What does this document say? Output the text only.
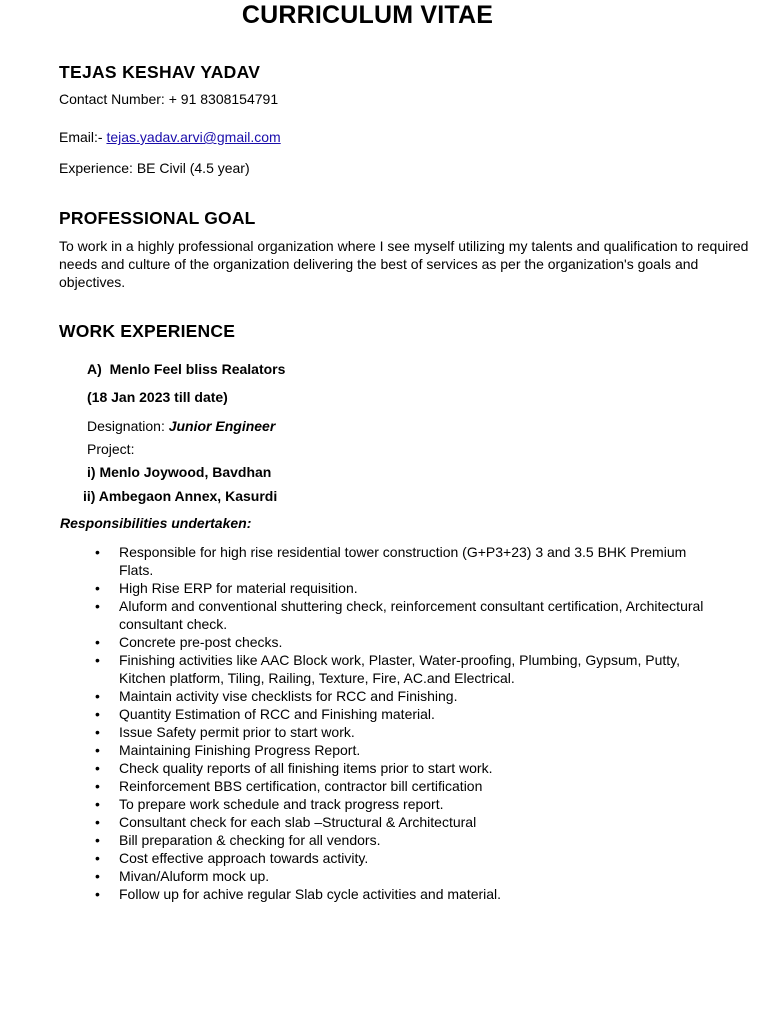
CURRICULUM VITAE
TEJAS KESHAV YADAV
Contact Number: + 91 8308154791
Email:- tejas.yadav.arvi@gmail.com
Experience: BE Civil (4.5 year)
PROFESSIONAL GOAL

To work in a highly professional organization where I see myself utilizing my talents and qualification to required needs and culture of the organization delivering the best of services as per the organization's goals and objectives.

WORK EXPERIENCE
A) Menlo Feel bliss Realators
(18 Jan 2023 till date)
Designation: Junior Engineer
Project:
i) Menlo Joywood, Bavdhan
ii) Ambegaon Annex, Kasurdi
Responsibilities undertaken:
• Responsible for high rise residential tower construction (G+P3+23) 3 and 3.5 BHK Premium Flats.
• High Rise ERP for material requisition.
• Aluform and conventional shuttering check, reinforcement consultant certification, Architectural consultant check.
• Concrete pre-post checks.
• Finishing activities like AAC Block work, Plaster, Water-proofing, Plumbing, Gypsum, Putty, Kitchen platform, Tiling, Railing, Texture, Fire, AC.and Electrical.
• Maintain activity vise checklists for RCC and Finishing.
• Quantity Estimation of RCC and Finishing material.
• Issue Safety permit prior to start work.
• Maintaining Finishing Progress Report.
• Check quality reports of all finishing items prior to start work.
• Reinforcement BBS certification, contractor bill certification
• To prepare work schedule and track progress report.
• Consultant check for each slab –Structural & Architectural
• Bill preparation & checking for all vendors.
• Cost effective approach towards activity.
• Mivan/Aluform mock up.
• Follow up for achive regular Slab cycle activities and material.
